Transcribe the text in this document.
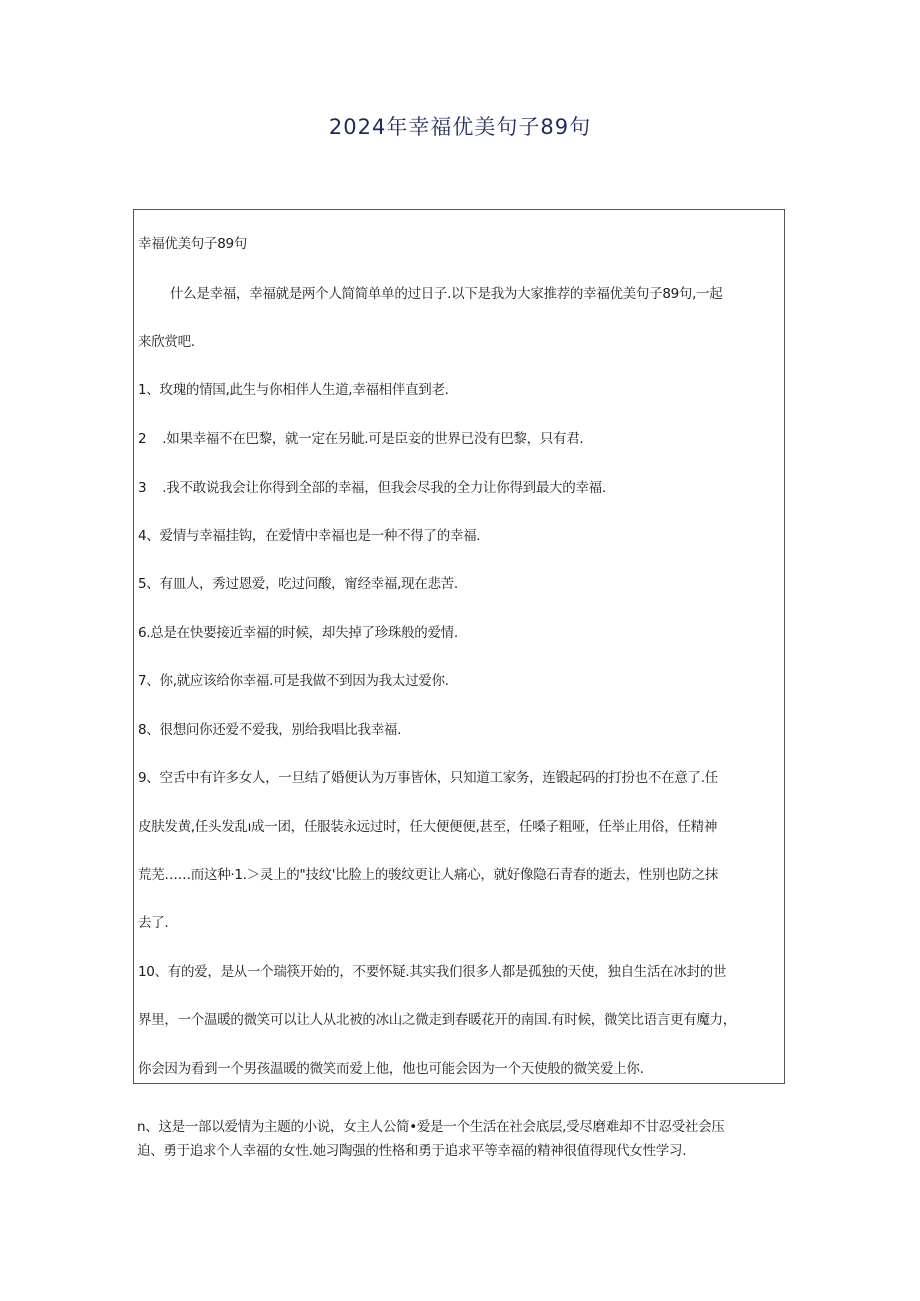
2024年幸福优美句子89句
幸福优美句子89句
什么是幸福，幸福就是两个人简简单单的过日子.以下是我为大家推荐的幸福优美句子89句,一起
来欣赏吧.
1、玫瑰的情国,此生与你相伴人生道,幸福相伴直到老.
2    .如果幸福不在巴黎，就一定在另眦.可是臣妾的世界已没有巴黎，只有君.
3    .我不敢说我会让你得到全部的幸福，但我会尽我的全力让你得到最大的幸福.
4、爱情与幸福挂钩，在爱情中幸福也是一种不得了的幸福.
5、有皿人，秀过恩爱，吃过问酸，甯经幸福,现在悲苦.
6.总是在快要接近幸福的时候，却失掉了珍珠般的爱情.
7、你,就应该给你幸福.可是我做不到因为我太过爱你.
8、很想问你还爱不爱我，别给我唱比我幸福.
9、空舌中有许多女人，一旦结了婚便认为万事皆休，只知道工家务，连锻起码的打扮也不在意了.任
皮肤发黄,任头发乱ı成一团，任服装永远过时，任大便便便,甚至，任嗓子粗哑，任举止用俗，任精神
荒芜……而这种·1.＞灵上的"技纹'比脸上的骏纹更让人痛心，就好像隐石青春的逝去，性别也防之抹
去了.
10、有的爱，是从一个瑞筷开始的，不要怀疑.其实我们很多人都是孤独的天使，独自生活在冰封的世
界里，一个温暖的微笑可以让人从北被的冰山之微走到春暖花开的南国.有时候，微笑比语言更有魔力，
你会因为看到一个男孩温暖的微笑而爱上他，他也可能会因为一个天使般的微笑爱上你.
n、这是一部以爱情为主题的小说，女主人公简•爱是一个生活在社会底层,受尽磨难却不甘忍受社会压
迫、勇于追求个人幸福的女性.她习陶强的性格和勇于追求平等幸福的精神很值得现代女性学习.
